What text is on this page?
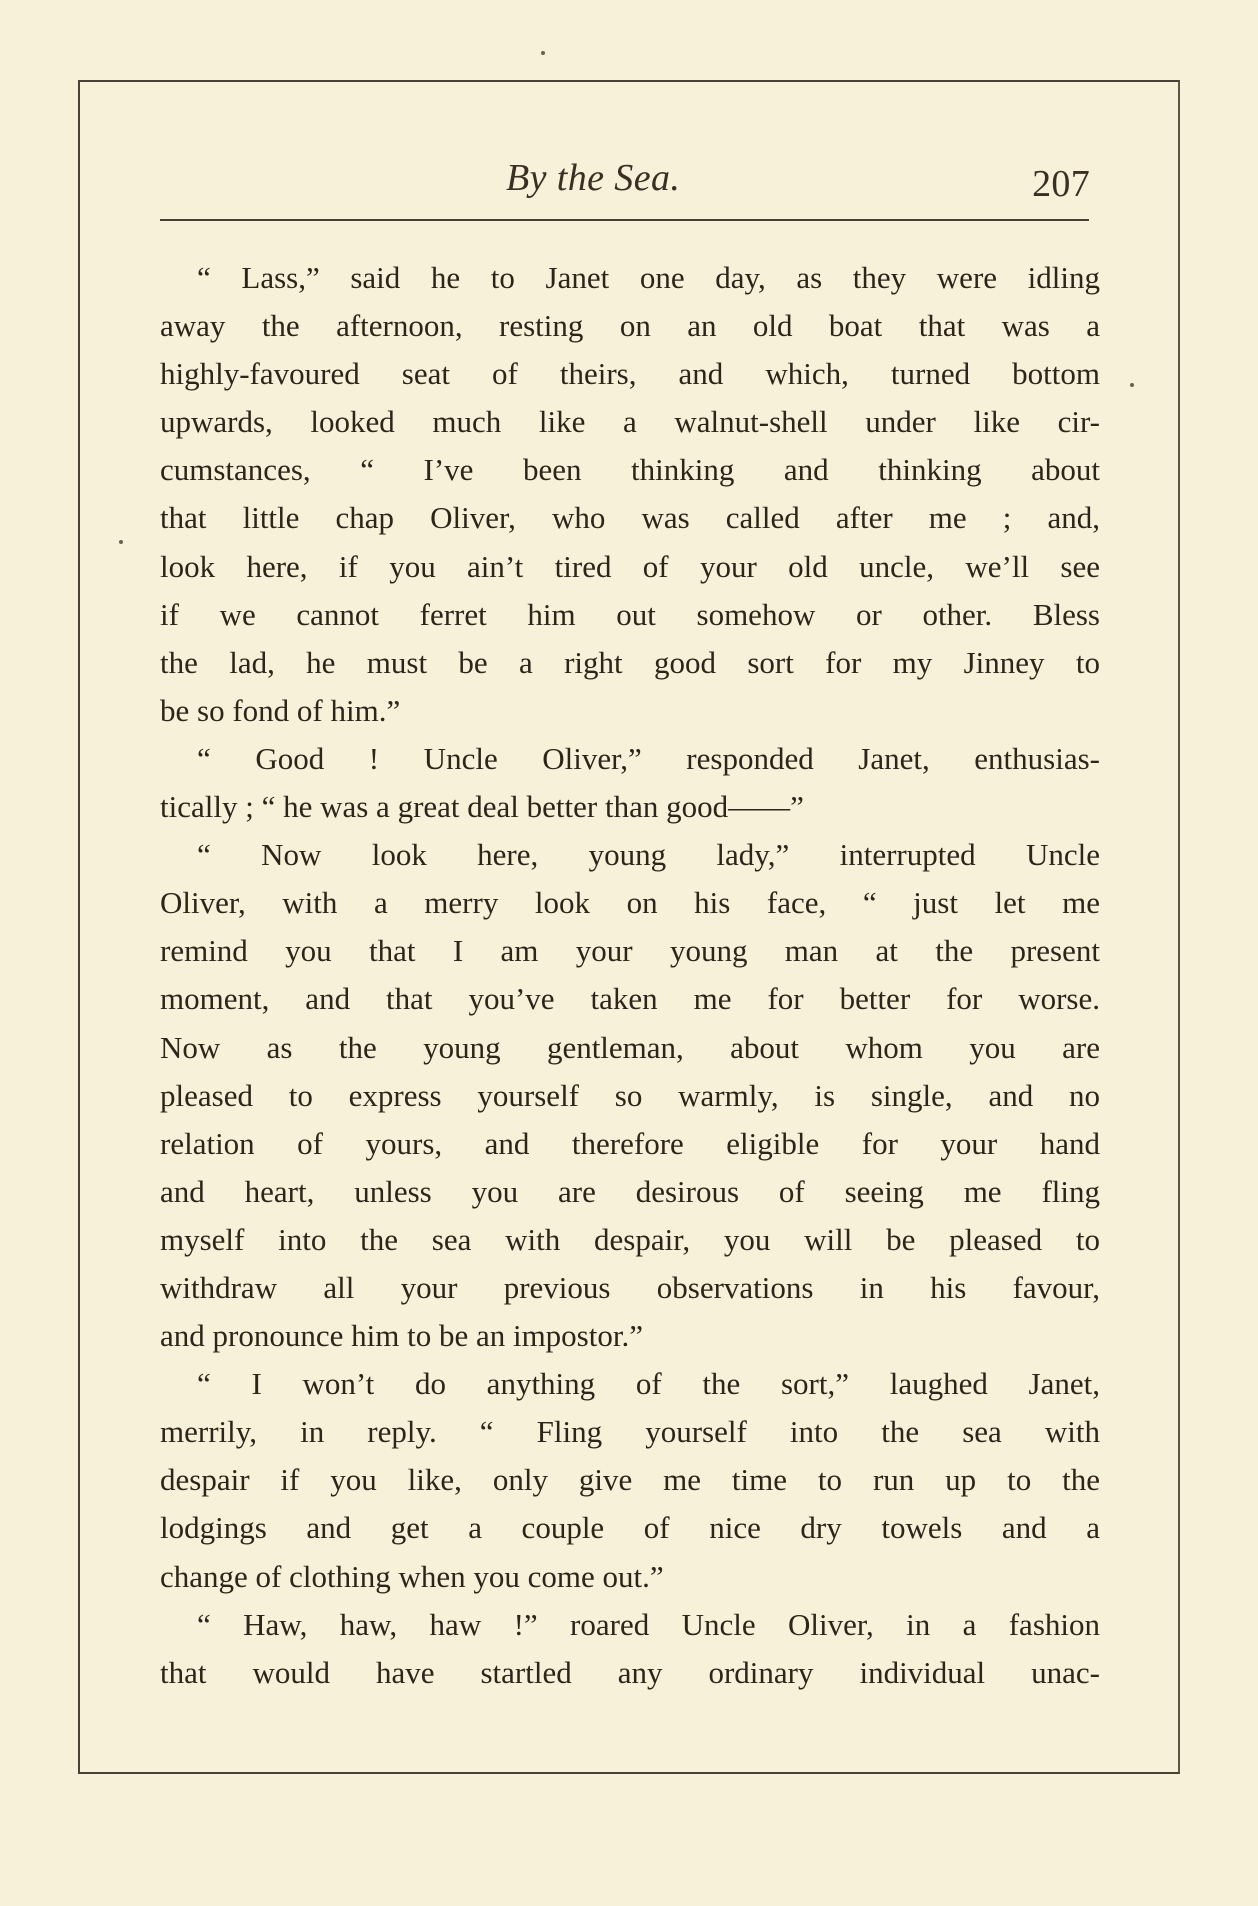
By the Sea.	207
“ Lass,” said he to Janet one day, as they were idling
away the afternoon, resting on an old boat that was a
highly-favoured seat of theirs, and which, turned bottom
upwards, looked much like a walnut-shell under like cir-
cumstances, “ I’ve been thinking and thinking about
that little chap Oliver, who was called after me ; and,
look here, if you ain’t tired of your old uncle, we’ll see
if we cannot ferret him out somehow or other. Bless
the lad, he must be a right good sort for my Jinney to
be so fond of him.”
“ Good ! Uncle Oliver,” responded Janet, enthusias-
tically ; “ he was a great deal better than good——”
“ Now look here, young lady,” interrupted Uncle
Oliver, with a merry look on his face, “ just let me
remind you that I am your young man at the present
moment, and that you’ve taken me for better for worse.
Now as the young gentleman, about whom you are
pleased to express yourself so warmly, is single, and no
relation of yours, and therefore eligible for your hand
and heart, unless you are desirous of seeing me fling
myself into the sea with despair, you will be pleased to
withdraw all your previous observations in his favour,
and pronounce him to be an impostor.”
“ I won’t do anything of the sort,” laughed Janet,
merrily, in reply. “ Fling yourself into the sea with
despair if you like, only give me time to run up to the
lodgings and get a couple of nice dry towels and a
change of clothing when you come out.”
“ Haw, haw, haw !” roared Uncle Oliver, in a fashion
that would have startled any ordinary individual unac-
